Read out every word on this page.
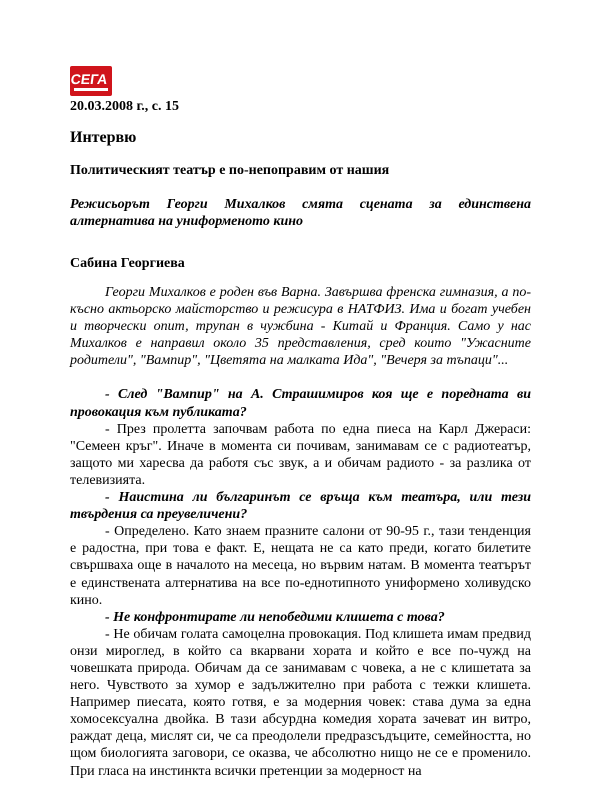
СЕГА
20.03.2008 г., с. 15
Интервю
Политическият театър е по-непоправим от нашия
Режисьорът Георги Михалков смята сцената за единствена алтернатива на униформеното кино
Сабина Георгиева

Георги Михалков е роден във Варна. Завършва френска гимназия, а по-късно актьорско майсторство и режисура в НАТФИЗ. Има и богат учебен и творчески опит, трупан в чужбина - Китай и Франция. Само у нас Михалков е направил около 35 представления, сред които "Ужасните родители", "Вампир", "Цветята на малката Ида", "Вечеря за тъпаци"...

- След "Вампир" на А. Страшимиров коя ще е поредната ви провокация към публиката?

- През пролетта започвам работа по една пиеса на Карл Джераси: "Семеен кръг". Иначе в момента си почивам, занимавам се с радиотеатър, защото ми харесва да работя със звук, а и обичам радиото - за разлика от телевизията.

- Наистина ли българинът се връща към театъра, или тези твърдения са преувеличени?

- Определено. Като знаем празните салони от 90-95 г., тази тенденция е радостна, при това е факт. Е, нещата не са като преди, когато билетите свършваха още в началото на месеца, но вървим натам. В момента театърът е единствената алтернатива на все по-еднотипното униформено холивудско кино.

- Не конфронтирате ли непобедими клишета с това?

- Не обичам голата самоцелна провокация. Под клишета имам предвид онзи мироглед, в който са вкарвани хората и който е все по-чужд на човешката природа. Обичам да се занимавам с човека, а не с клишетата за него. Чувството за хумор е задължително при работа с тежки клишета. Например пиесата, която готвя, е за модерния човек: става дума за една хомосексуална двойка. В тази абсурдна комедия хората зачеват ин витро, раждат деца, мислят си, че са преодолели предразсъдъците, семейността, но щом биологията заговори, се оказва, че абсолютно нищо не се е променило. При гласа на инстинкта всички претенции за модерност на
